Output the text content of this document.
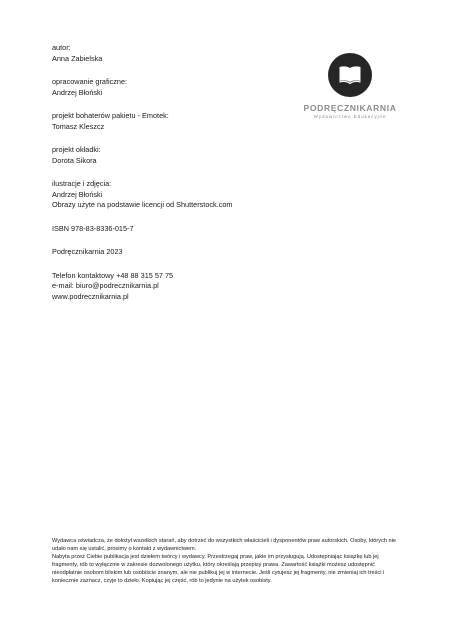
autor:
Anna Zabielska
opracowanie graficzne:
Andrzej Błoński
projekt bohaterów pakietu - Emotek:
Tomasz Kleszcz
projekt okładki:
Dorota Sikora
ilustracje i zdjęcia:
Andrzej Błoński
Obrazy użyte na podstawie licencji od Shutterstock.com
ISBN 978-83-8336-015-7
Podręcznikarnia 2023
Telefon kontaktowy +48 88 315 57 75
e-mail: biuro@podrecznikarnia.pl
www.podrecznikarnia.pl
PODRĘCZNIKARNIA
Wydawnictwo Edukacyjne

Wydawca oświadcza, że dołożył wszelkich starań, aby dotrzeć do wszystkich właścicieli i dysponentów praw autorskich. Osoby, których nie udało nam się ustalić, prosimy o kontakt z wydawnictwem.

Nabyta przez Ciebie publikacja jest dziełem twórcy i wydawcy. Przestrzegaj praw, jakie im przysługują. Udostępniając książkę lub jej fragmenty, rób to wyłącznie w zakresie dozwolonego użytku, który określają przepisy prawa. Zawartość książki możesz udostępnić nieodpłatnie osobom bliskim lub osobiście znanym, ale nie publikuj jej w internecie. Jeśli cytujesz jej fragmenty, nie zmieniaj ich treści i koniecznie zaznacz, czyje to dzieło. Kopiując jej część, rób to jedynie na użytek osobisty.
